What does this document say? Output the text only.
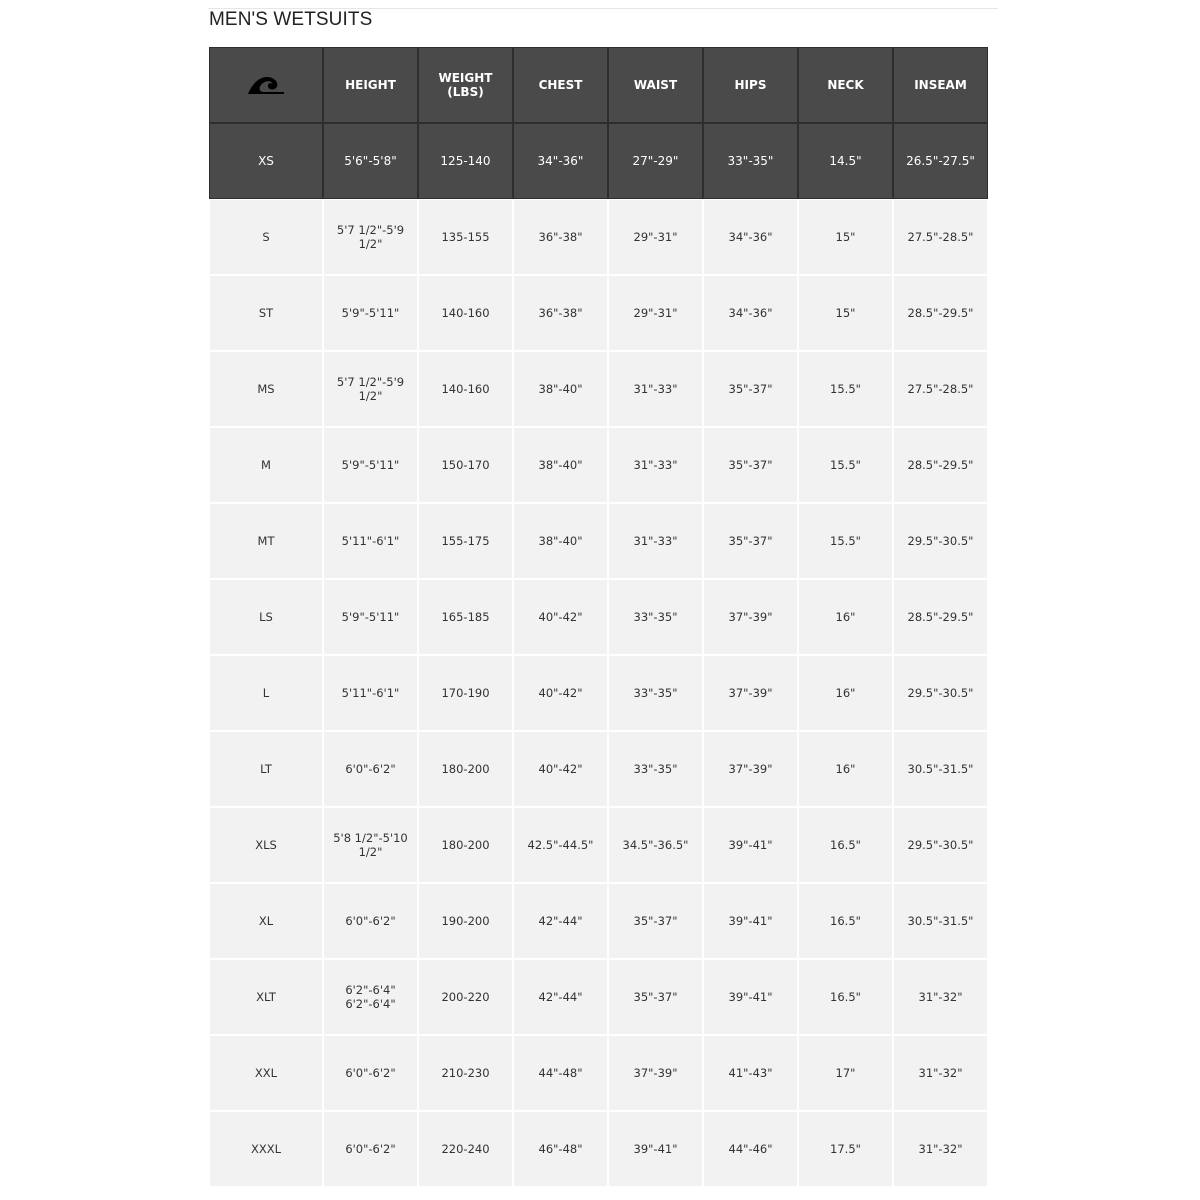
MEN'S WETSUITS
	HEIGHT	WEIGHT (LBS)	CHEST	WAIST	HIPS	NECK	INSEAM
XS	5'6"-5'8"	125-140	34"-36"	27"-29"	33"-35"	14.5"	26.5"-27.5"
S	5'7 1/2"-5'9 1/2"	135-155	36"-38"	29"-31"	34"-36"	15"	27.5"-28.5"
ST	5'9"-5'11"	140-160	36"-38"	29"-31"	34"-36"	15"	28.5"-29.5"
MS	5'7 1/2"-5'9 1/2"	140-160	38"-40"	31"-33"	35"-37"	15.5"	27.5"-28.5"
M	5'9"-5'11"	150-170	38"-40"	31"-33"	35"-37"	15.5"	28.5"-29.5"
MT	5'11"-6'1"	155-175	38"-40"	31"-33"	35"-37"	15.5"	29.5"-30.5"
LS	5'9"-5'11"	165-185	40"-42"	33"-35"	37"-39"	16"	28.5"-29.5"
L	5'11"-6'1"	170-190	40"-42"	33"-35"	37"-39"	16"	29.5"-30.5"
LT	6'0"-6'2"	180-200	40"-42"	33"-35"	37"-39"	16"	30.5"-31.5"
XLS	5'8 1/2"-5'10 1/2"	180-200	42.5"-44.5"	34.5"-36.5"	39"-41"	16.5"	29.5"-30.5"
XL	6'0"-6'2"	190-200	42"-44"	35"-37"	39"-41"	16.5"	30.5"-31.5"
XLT	6'2"-6'4" 6'2"-6'4"	200-220	42"-44"	35"-37"	39"-41"	16.5"	31"-32"
XXL	6'0"-6'2"	210-230	44"-48"	37"-39"	41"-43"	17"	31"-32"
XXXL	6'0"-6'2"	220-240	46"-48"	39"-41"	44"-46"	17.5"	31"-32"
